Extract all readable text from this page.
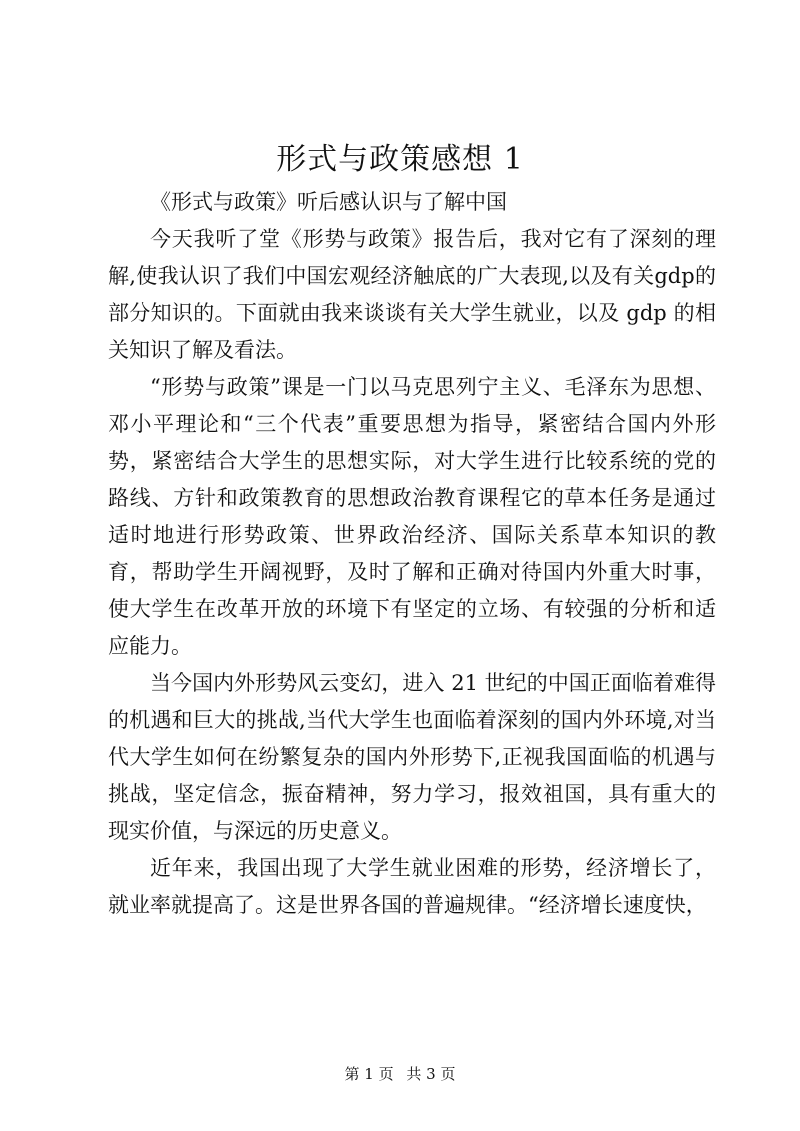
形式与政策感想 1

《形式与政策》听后感认识与了解中国

今天我听了堂《形势与政策》报告后，我对它有了深刻的理解,使我认识了我们中国宏观经济触底的广大表现,以及有关gdp的部分知识的。下面就由我来谈谈有关大学生就业，以及 gdp 的相关知识了解及看法。

“形势与政策”课是一门以马克思列宁主义、毛泽东为思想、邓小平理论和“三个代表”重要思想为指导，紧密结合国内外形势，紧密结合大学生的思想实际，对大学生进行比较系统的党的路线、方针和政策教育的思想政治教育课程它的草本任务是通过适时地进行形势政策、世界政治经济、国际关系草本知识的教育，帮助学生开阔视野，及时了解和正确对待国内外重大时事，使大学生在改革开放的环境下有坚定的立场、有较强的分析和适应能力。

当今国内外形势风云变幻，进入 21 世纪的中国正面临着难得的机遇和巨大的挑战,当代大学生也面临着深刻的国内外环境,对当代大学生如何在纷繁复杂的国内外形势下,正视我国面临的机遇与挑战，坚定信念，振奋精神，努力学习，报效祖国，具有重大的现实价值，与深远的历史意义。

近年来，我国出现了大学生就业困难的形势，经济增长了，就业率就提高了。这是世界各国的普遍规律。“经济增长速度快，

第 1 页 共 3 页
